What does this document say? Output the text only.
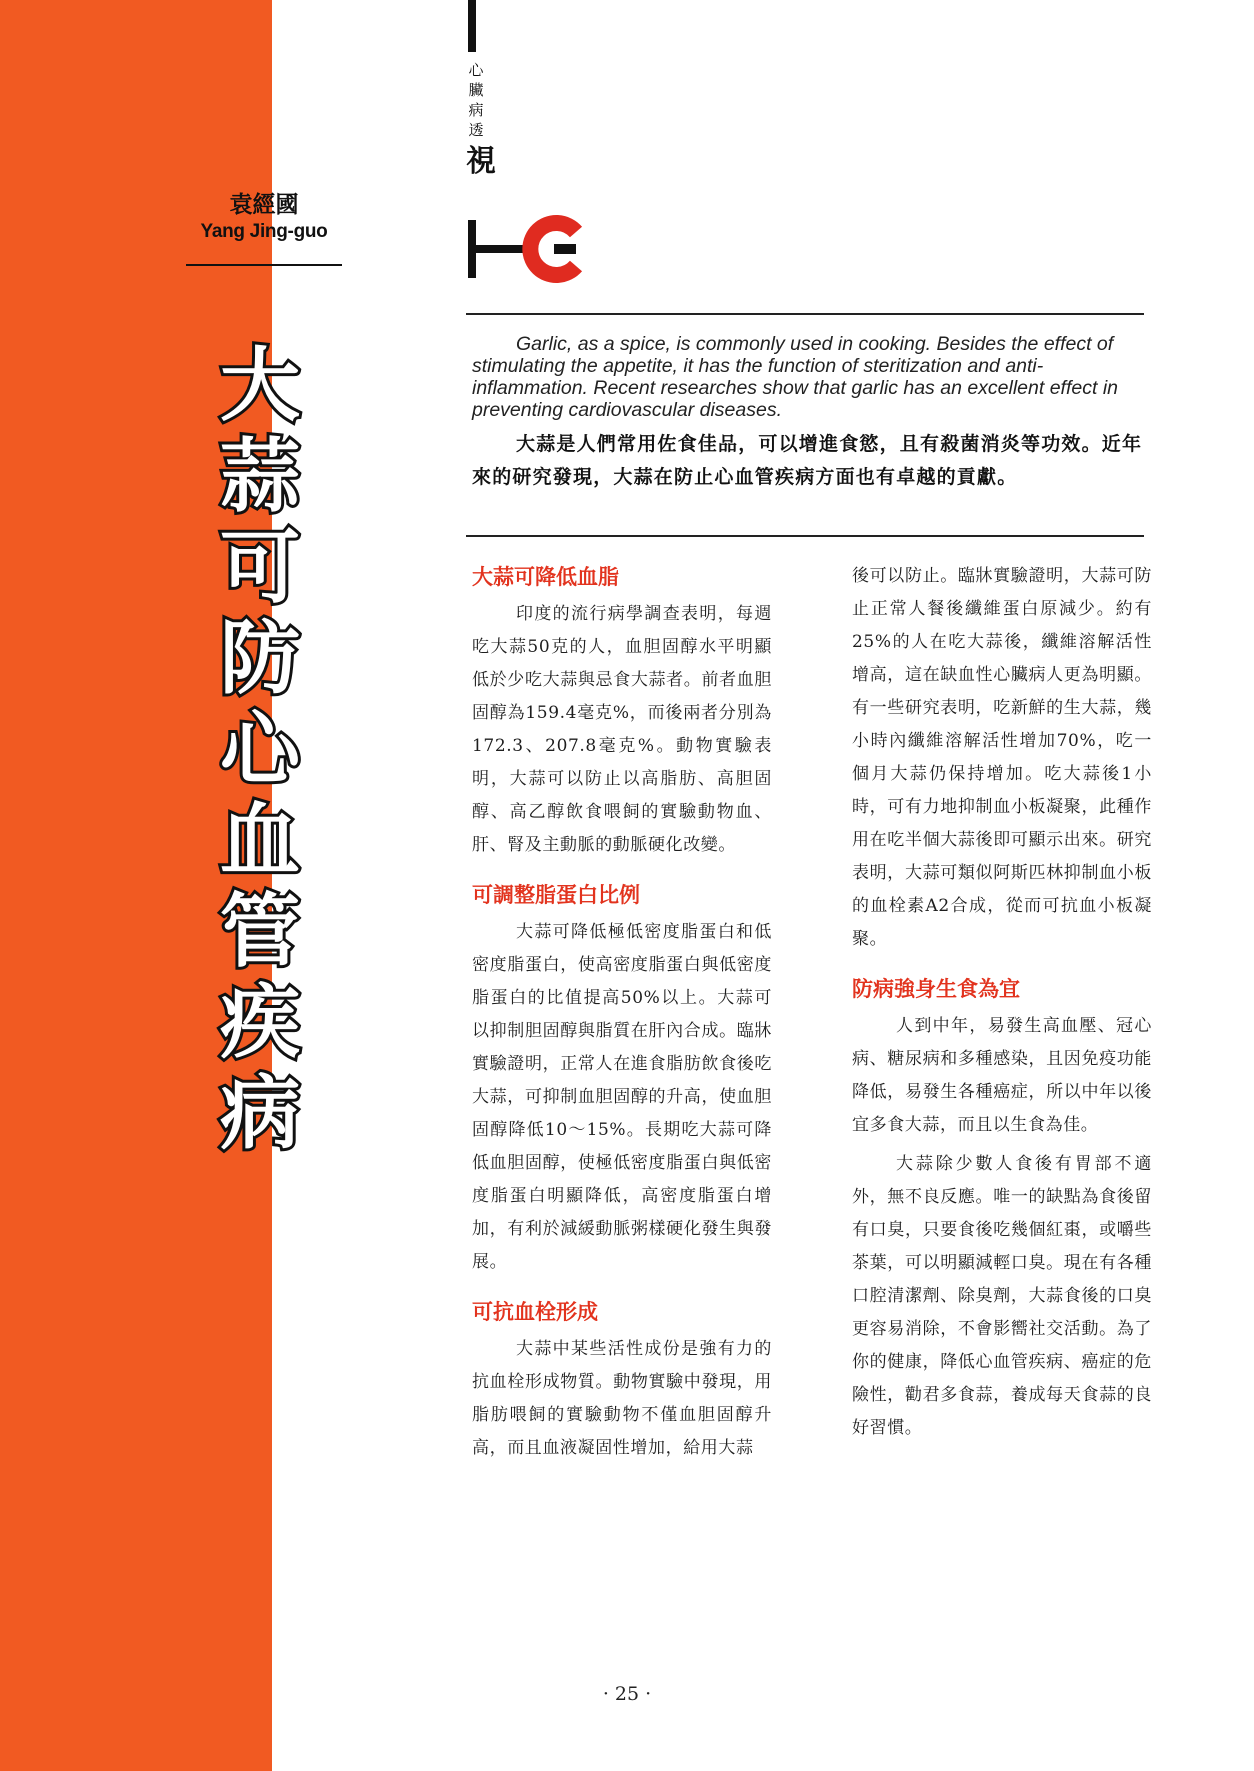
袁經國
Yang Jing-guo
大
蒜
可
防
心
血
管
疾
病
心
臟
病
透
視

Garlic, as a spice, is commonly used in cooking. Besides the effect of stimulating the appetite, it has the function of steritization and anti-inflammation. Recent researches show that garlic has an excellent effect in preventing cardiovascular diseases.

大蒜是人們常用佐食佳品，可以增進食慾，且有殺菌消炎等功效。近年來的研究發現，大蒜在防止心血管疾病方面也有卓越的貢獻。

大蒜可降低血脂

印度的流行病學調查表明，每週吃大蒜50克的人，血胆固醇水平明顯低於少吃大蒜與忌食大蒜者。前者血胆固醇為159.4毫克%，而後兩者分別為172.3、207.8毫克%。動物實驗表明，大蒜可以防止以高脂肪、高胆固醇、高乙醇飲食喂飼的實驗動物血、肝、腎及主動脈的動脈硬化改變。

可調整脂蛋白比例

大蒜可降低極低密度脂蛋白和低密度脂蛋白，使高密度脂蛋白與低密度脂蛋白的比值提高50%以上。大蒜可以抑制胆固醇與脂質在肝內合成。臨牀實驗證明，正常人在進食脂肪飲食後吃大蒜，可抑制血胆固醇的升高，使血胆固醇降低10～15%。長期吃大蒜可降低血胆固醇，使極低密度脂蛋白與低密度脂蛋白明顯降低，高密度脂蛋白增加，有利於減緩動脈粥樣硬化發生與發展。

可抗血栓形成

大蒜中某些活性成份是強有力的抗血栓形成物質。動物實驗中發現，用脂肪喂飼的實驗動物不僅血胆固醇升高，而且血液凝固性增加，給用大蒜

後可以防止。臨牀實驗證明，大蒜可防止正常人餐後纖維蛋白原減少。約有25%的人在吃大蒜後，纖維溶解活性增高，這在缺血性心臟病人更為明顯。有一些研究表明，吃新鮮的生大蒜，幾小時內纖維溶解活性增加70%，吃一個月大蒜仍保持增加。吃大蒜後1小時，可有力地抑制血小板凝聚，此種作用在吃半個大蒜後即可顯示出來。研究表明，大蒜可類似阿斯匹林抑制血小板的血栓素A2合成，從而可抗血小板凝聚。

防病強身生食為宜

人到中年，易發生高血壓、冠心病、糖尿病和多種感染，且因免疫功能降低，易發生各種癌症，所以中年以後宜多食大蒜，而且以生食為佳。

大蒜除少數人食後有胃部不適外，無不良反應。唯一的缺點為食後留有口臭，只要食後吃幾個紅棗，或嚼些茶葉，可以明顯減輕口臭。現在有各種口腔清潔劑、除臭劑，大蒜食後的口臭更容易消除，不會影嚮社交活動。為了你的健康，降低心血管疾病、癌症的危險性，勸君多食蒜，養成每天食蒜的良好習慣。

· 25 ·
